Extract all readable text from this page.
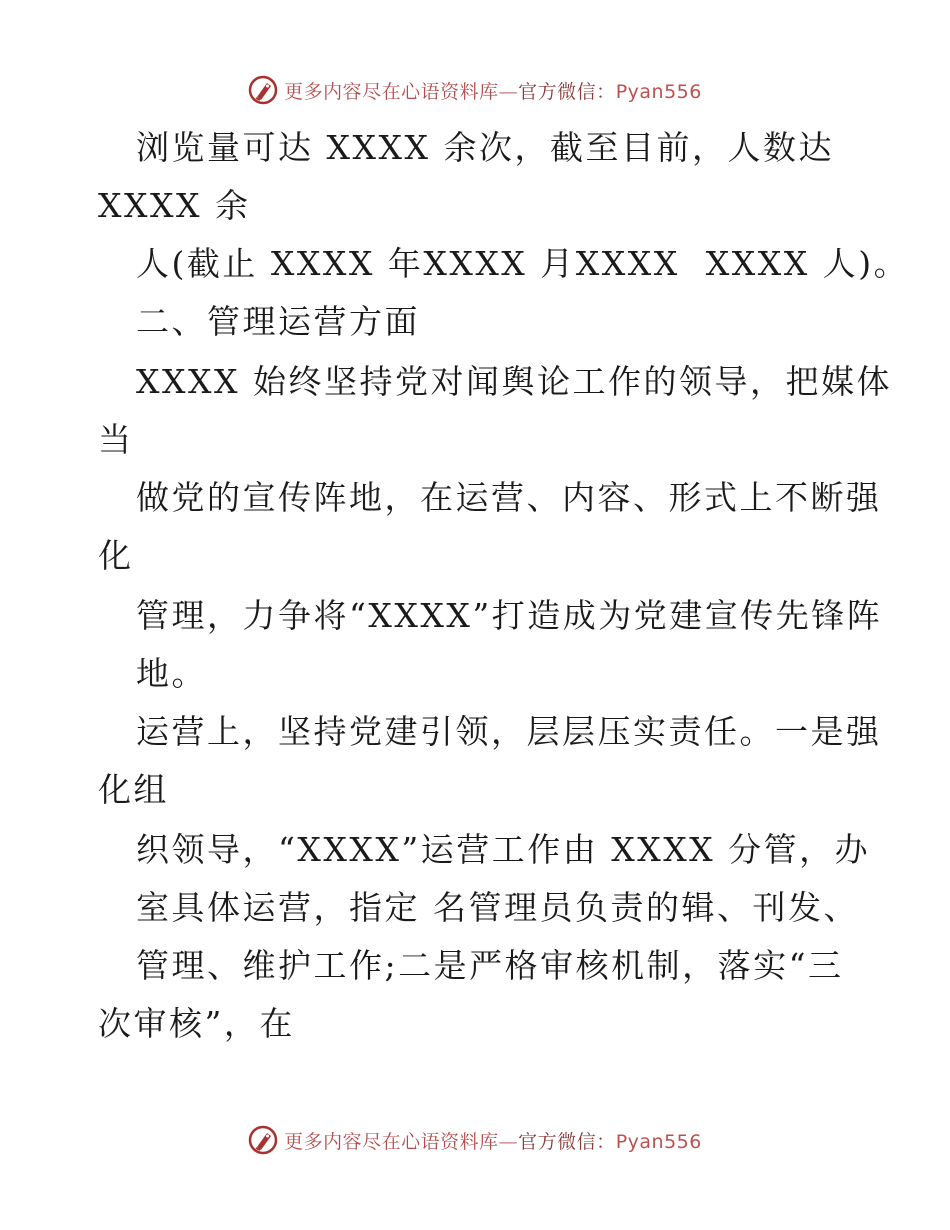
更多内容尽在心语资料库—官方微信：Pyan556
浏览量可达 XXXX 余次，截至目前，人数达
XXXX 余
人(截止 XXXX 年XXXX 月XXXX  XXXX 人)。
二、管理运营方面
XXXX 始终坚持党对闻舆论工作的领导，把媒体
当
做党的宣传阵地，在运营、内容、形式上不断强
化
管理，力争将“XXXX”打造成为党建宣传先锋阵
地。
运营上，坚持党建引领，层层压实责任。一是强
化组
织领导，“XXXX”运营工作由 XXXX 分管，办
室具体运营，指定 名管理员负责的辑、刊发、
管理、维护工作;二是严格审核机制，落实“三
次审核”，在
更多内容尽在心语资料库—官方微信：Pyan556
